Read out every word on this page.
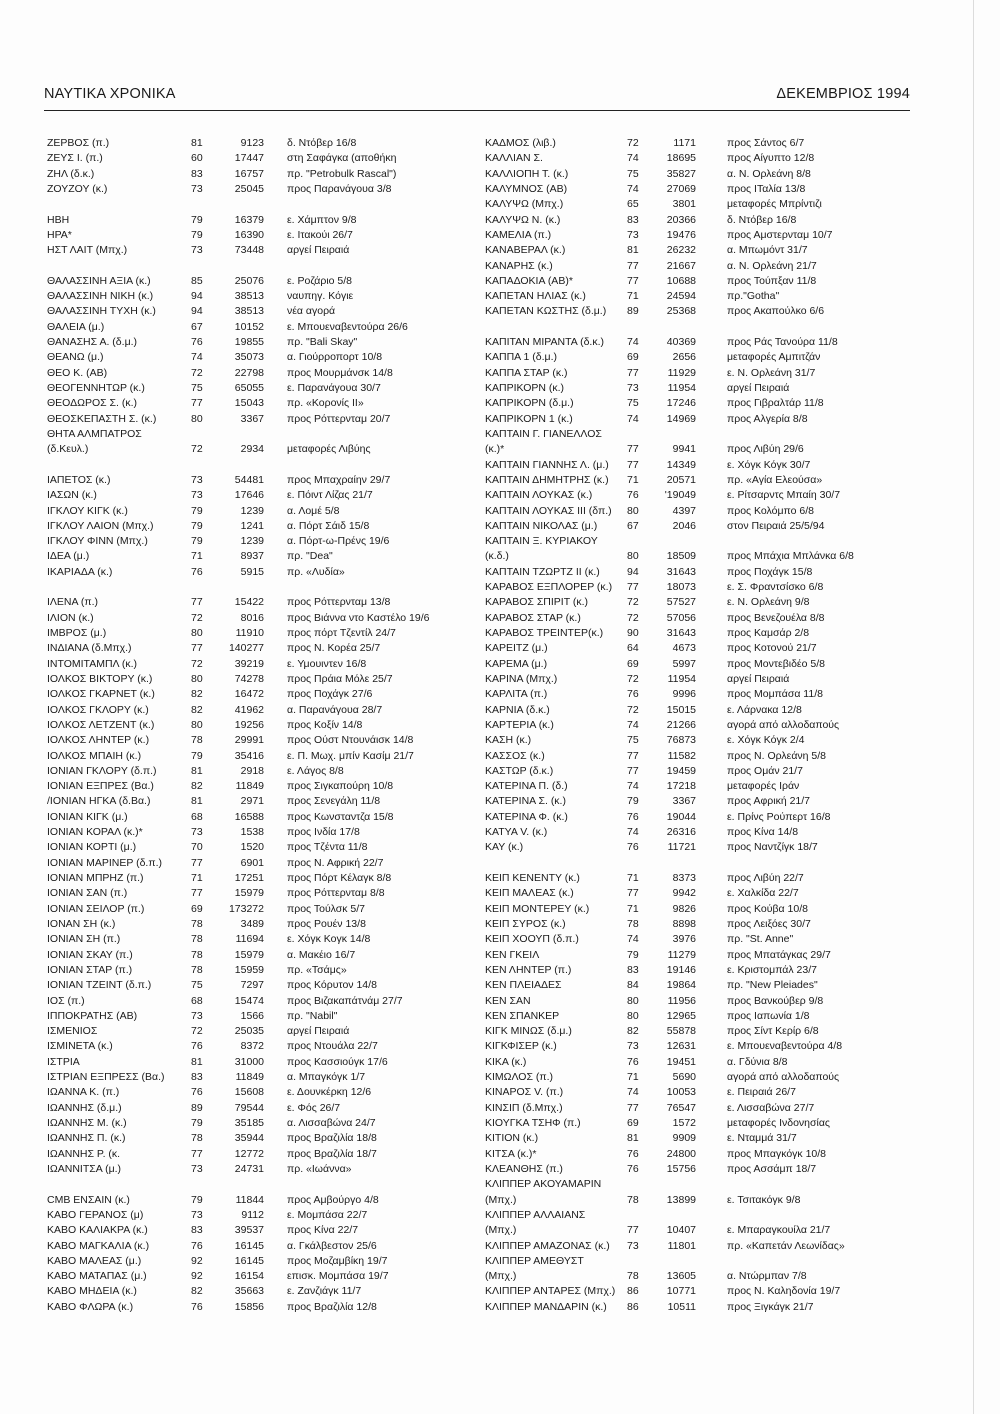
ΝΑΥΤΙΚΑ ΧΡΟΝΙΚΑ	ΔΕΚΕΜΒΡΙΟΣ 1994
ΖΕΡΒΟΣ (π.)	81	9123 δ. Ντόβερ 16/8
ΖΕΥΣ Ι. (π.)	60	17447 στη Σαφάγκα (αποθήκη
ΖΗΛ (δ.κ.)	83	16757 πρ. "Petrobulk Rascal")
ΖΟΥΖΟΥ (κ.)	73	25045 προς Παρανάγουα 3/8
ΗΒΗ	79	16379 ε. Χάμπτον 9/8
ΗΡΑ*	79	16390 ε. Ιτακούι 26/7
ΗΣΤ ΛΑΙΤ (Μπχ.)	73	73448 αργεί Πειραιά
ΘΑΛΑΣΣΙΝΗ ΑΞΙΑ (κ.)	85	25076 ε. Ροζάριο 5/8
ΘΑΛΑΣΣΙΝΗ ΝΙΚΗ (κ.)	94	38513 ναυπηγ. Κόγιε
ΘΑΛΑΣΣΙΝΗ ΤΥΧΗ (κ.)	94	38513 νέα αγορά
ΘΑΛΕΙΑ (μ.)	67	10152 ε. Μπουεναβεντούρα 26/6
ΘΑΝΑΣΗΣ Α. (δ.μ.)	76	19855 πρ. "Bali Skay"
ΘΕΑΝΩ (μ.)	74	35073 α. Γιούρροπορτ 10/8
ΘΕΟ Κ. (ΑΒ)	72	22798 προς Μουρμάνσκ 14/8
ΘΕΟΓΕΝΝΗΤΩΡ (κ.)	75	65055 ε. Παρανάγουα 30/7
ΘΕΟΔΩΡΟΣ Σ. (κ.)	77	15043 πρ. «Κορονίς ΙΙ»
ΘΕΟΣΚΕΠΑΣΤΗ Σ. (κ.)	80	3367 προς Ρόττερνταμ 20/7
ΘΗΤΑ ΑΛΜΠΑΤΡΟΣ
(δ.Κευλ.)	72	2934 μεταφορές Λιβύης
ΙΑΠΕΤΟΣ (κ.)	73	54481 προς Μπαχραίην 29/7
ΙΑΣΩΝ (κ.)	73	17646 ε. Πόιντ Λίζας 21/7
ΙΓΚΛΟΥ ΚΙΓΚ (κ.)	79	1239 α. Λομέ 5/8
ΙΓΚΛΟΥ ΛΑΙΟΝ (Μπχ.)	79	1241 α. Πόρτ Σάιδ 15/8
ΙΓΚΛΟΥ ΦΙΝΝ (Μπχ.)	79	1239 α. Πόρτ-ω-Πρένς 19/6
ΙΔΕΑ (μ.)	71	8937 πρ. "Dea"
ΙΚΑΡΙΑΔΑ (κ.)	76	5915 πρ. «Λυδία»
ΙΛΕΝΑ (π.)	77	15422 προς Ρόττερνταμ 13/8
ΙΛΙΟΝ (κ.)	72	8016 προς Βιάννα ντο Καστέλο 19/6
ΙΜΒΡΟΣ (μ.)	80	11910 προς πόρτ Τζεντίλ 24/7
ΙΝΔΙΑΝΑ (δ.Μπχ.)	77	140277 προς Ν. Κορέα 25/7
ΙΝΤΟΜΙΤΑΜΠΛ (κ.)	72	39219 ε. Υμουιντεν 16/8
ΙΟΛΚΟΣ ΒΙΚΤΟΡΥ (κ.)	80	74278 προς Πράια Μόλε 25/7
ΙΟΛΚΟΣ ΓΚΑΡΝΕΤ (κ.)	82	16472 προς Ποχάγκ 27/6
ΙΟΛΚΟΣ ΓΚΛΟΡΥ (κ.)	82	41962 α. Παρανάγουα 28/7
ΙΟΛΚΟΣ ΛΕΤΖΕΝΤ (κ.)	80	19256 προς Κοξίν 14/8
ΙΟΛΚΟΣ ΛΗΝΤΕΡ (κ.)	78	29991 προς Ούστ Ντουνάισκ 14/8
ΙΟΛΚΟΣ ΜΠΑΙΗ (κ.)	79	35416 ε. Π. Μωχ. μπίν Κασίμ 21/7
ΙΟΝΙΑΝ ΓΚΛΟΡΥ (δ.π.)	81	2918 ε. Λάγος 8/8
ΙΟΝΙΑΝ ΕΞΠΡΕΣ (Βα.)	82	11849 προς Σιγκαπούρη 10/8
/ΙΟΝΙΑΝ ΗΓΚΑ (δ.Βα.)	81	2971 προς Σενεγάλη 11/8
ΙΟΝΙΑΝ ΚΙΓΚ (μ.)	68	16588 προς Κωνσταντζα 15/8
ΙΟΝΙΑΝ ΚΟΡΑΛ (κ.)*	73	1538 προς Ινδία 17/8
ΙΟΝΙΑΝ ΚΟΡΤΙ (μ.)	70	1520 προς Τζέντα 11/8
ΙΟΝΙΑΝ ΜΑΡΙΝΕΡ (δ.π.)	77	6901 προς Ν. Αφρική 22/7
ΙΟΝΙΑΝ ΜΠΡΗΖ (π.)	71	17251 προς Πόρτ Κέλαγκ 8/8
ΙΟΝΙΑΝ ΣΑΝ (π.)	77	15979 προς Ρόττερνταμ 8/8
ΙΟΝΙΑΝ ΣΕΙΛΟΡ (π.)	69	173272 προς Τούλσκ 5/7
ΙΟΝΑΝ ΣΗ (κ.)	78	3489 προς Ρουέν 13/8
ΙΟΝΙΑΝ ΣΗ (π.)	78	11694 ε. Χόγκ Κογκ 14/8
ΙΟΝΙΑΝ ΣΚΑΥ (π.)	78	15979 α. Μακέιο 16/7
ΙΟΝΙΑΝ ΣΤΑΡ (π.)	78	15959 πρ. «Τσάμς»
ΙΟΝΙΑΝ ΤΖΕΙΝΤ (δ.π.)	75	7297 προς Κόρυτον 14/8
ΙΟΣ (π.)	68	15474 προς Βιζακαπάτνάμ 27/7
ΙΠΠΟΚΡΑΤΗΣ (ΑΒ)	73	1566 πρ. "Nabil"
ΙΣΜΕΝΙΟΣ	72	25035 αργεί Πειραιά
ΙΣΜΙΝΕΤΑ (κ.)	76	8372 προς Ντουάλα 22/7
ΙΣΤΡΙΑ	81	31000 προς Κασσιούγκ 17/6
ΙΣΤΡΙΑΝ ΕΞΠΡΕΣΣ (Βα.)	83	11849 α. Μπαγκόγκ 1/7
ΙΩΑΝΝΑ Κ. (π.)	76	15608 ε. Δουνκέρκη 12/6
ΙΩΑΝΝΗΣ (δ.μ.)	89	79544 ε. Φός 26/7
ΙΩΑΝΝΗΣ Μ. (κ.)	79	35185 α. Λισσαβώνα 24/7
ΙΩΑΝΝΗΣ Π. (κ.)	78	35944 προς Βραζιλία 18/8
ΙΩΑΝΝΗΣ Ρ. (κ.	77	12772 προς Βραζιλία 18/7
ΙΩΑΝΝΙΤΣΑ (μ.)	73	24731 πρ. «Ιωάννα»
CMB ΕΝΣΑΙΝ (κ.)	79	11844 προς Αμβούργο 4/8
ΚΑΒΟ ΓΕΡΑΝΟΣ (μ)	73	9112 ε. Μομπάσα 22/7
ΚΑΒΟ ΚΑΛΙΑΚΡΑ (κ.)	83	39537 προς Κίνα 22/7
ΚΑΒΟ ΜΑΓΚΑΛΙΑ (κ.)	76	16145 α. Γκάλβεστον 25/6
ΚΑΒΟ ΜΑΛΕΑΣ (μ.)	92	16145 προς Μοζαμβίκη 19/7
ΚΑΒΟ ΜΑΤΑΠΑΣ (μ.)	92	16154 επισκ. Μομπάσα 19/7
ΚΑΒΟ ΜΗΔΕΙΑ (κ.)	82	35663 ε. Ζανζιάγκ 11/7
ΚΑΒΟ ΦΛΩΡΑ (κ.)	76	15856 προς Βραζιλία 12/8
ΚΑΔΜΟΣ (λιβ.)	72	1171	προς Σάντος 6/7
ΚΑΛΛΙΑΝ Σ.	74	18695	προς Αίγυπτο 12/8
ΚΑΛΛΙΟΠΗ Τ. (κ.)	75	35827	α. Ν. Ορλεάνη 8/8
ΚΑΛΥΜΝΟΣ (ΑΒ)	74	27069	προς ΙΤαλία 13/8
ΚΑΛΥΨΩ (Μπχ.)	65	3801	μεταφορές Μπρίντιζι
ΚΑΛΥΨΩ Ν. (κ.)	83	20366	δ. Ντόβερ 16/8
ΚΑΜΕΛΙΑ (π.)	73	19476	προς Αμστερνταμ 10/7
ΚΑΝΑΒΕΡΑΛ (κ.)	81	26232	α. Μπωμόντ 31/7
ΚΑΝΑΡΗΣ (κ.)	77	21667	α. Ν. Ορλεάνη 21/7
ΚΑΠΑΔΟΚΙΑ (ΑΒ)*	77	10688	προς Τούπξαν 11/8
ΚΑΠΕΤΑΝ ΗΛΙΑΣ (κ.)	71	24594	πρ."Gotha"
ΚΑΠΕΤΑΝ ΚΩΣΤΗΣ (δ.μ.) 89	25368	προς Ακαπούλκο 6/6
ΚΑΠΙΤΑΝ ΜΙΡΑΝΤΑ (δ.κ.) 74	40369	προς Ράς Τανούρα 11/8
ΚΑΠΠΑ 1 (δ.μ.)	69	2656	μεταφορές Αμπιτζάν
ΚΑΠΠΑ ΣΤΑΡ (κ.)	77	11929	ε. Ν. Ορλεάνη 31/7
ΚΑΠΡΙΚΟΡΝ (κ.)	73	11954	αργεί Πειραιά
ΚΑΠΡΙΚΟΡΝ (δ.μ.)	75	17246	προς Γιβραλτάρ 11/8
ΚΑΠΡΙΚΟΡΝ 1 (κ.)	74	14969	προς Αλγερία 8/8
ΚΑΠΤΑΙΝ Γ. ΓΙΑΝΕΛΛΟΣ
(κ.)*	77	9941	προς Λιβύη 29/6
ΚΑΠΤΑΙΝ ΓΙΑΝΝΗΣ Λ. (μ.) 77	14349	ε. Χόγκ Κόγκ 30/7
ΚΑΠΤΑΙΝ ΔΗΜΗΤΡΗΣ (κ.) 71	20571	πρ. «Αγία Ελεούσα»
ΚΑΠΤΑΙΝ ΛΟΥΚΑΣ (κ.)	76	'19049	ε. Ρίτσαρντς Μπαίη 30/7
ΚΑΠΤΑΙΝ ΛΟΥΚΑΣ ΙΙΙ (δπ.) 80	4397	προς Κολόμπο 6/8
ΚΑΠΤΑΙΝ ΝΙΚΟΛΑΣ (μ.)	67	2046	στον Πειραιά 25/5/94
ΚΑΠΤΑΙΝ Ξ. ΚΥΡΙΑΚΟΥ
(κ.δ.)	80	18509	προς Μπάχια Μπλάνκα 6/8
ΚΑΠΤΑΙΝ ΤΖΩΡΤΖ ΙΙ (κ.)	94	31643	προς Ποχάγκ 15/8
ΚΑΡΑΒΟΣ ΕΞΠΛΟΡΕΡ (κ.) 77	18073	ε. Σ. Φραντσίσκο 6/8
ΚΑΡΑΒΟΣ ΣΠΙΡΙΤ (κ.)	72	57527	ε. Ν. Ορλεάνη 9/8
ΚΑΡΑΒΟΣ ΣΤΑΡ (κ.)	72	57056	προς Βενεζουέλα 8/8
ΚΑΡΑΒΟΣ ΤΡΕΙΝΤΕΡ(κ.) 90	31643	προς Καμσάρ 2/8
ΚΑΡΕΙΤΖ (μ.)	64	4673	προς Κοτονού 21/7
ΚΑΡΕΜΑ (μ.)	69	5997	προς Μοντεβιδέο 5/8
ΚΑΡΙΝΑ (Μπχ.)	72	11954	αργεί Πειραιά
ΚΑΡΛΙΤΑ (π.)	76	9996	προς Μομπάσα 11/8
ΚΑΡΝΙΑ (δ.κ.)	72	15015	ε. Λάρνακα 12/8
ΚΑΡΤΕΡΙΑ (κ.)	74	21266	αγορά από αλλοδαπούς
ΚΑΣΗ (κ.)	75	76873	ε. Χόγκ Κόγκ 2/4
ΚΑΣΣΟΣ (κ.)	77	11582	προς Ν. Ορλεάνη 5/8
ΚΑΣΤΩΡ (δ.κ.)	77	19459	προς Ομάν 21/7
ΚΑΤΕΡΙΝΑ Π. (δ.)	74	17218	μεταφορές Ιράν
ΚΑΤΕΡΙΝΑ Σ. (κ.)	79	3367	προς Αφρική 21/7
ΚΑΤΕΡΙΝΑ Φ. (κ.)	76	19044	ε. Πρίνς Ρούπερτ 16/8
ΚΑΤΥΑ V. (κ.)	74	26316	προς Κίνα 14/8
ΚΑΥ (κ.)	76	11721	προς Ναντζίγκ 18/7
ΚΕΙΠ ΚΕΝΕΝΤΥ (κ.)	71	8373	προς Λιβύη 22/7
ΚΕΙΠ ΜΑΛΕΑΣ (κ.)	77	9942	ε. Χαλκίδα 22/7
ΚΕΙΠ ΜΟΝΤΕΡΕΥ (κ.)	71	9826	προς Κούβα 10/8
ΚΕΙΠ ΣΥΡΟΣ (κ.)	78	8898	προς Λειξόες 30/7
ΚΕΙΠ ΧΟΟΥΠ (δ.π.)	74	3976	πρ. "St. Anne"
ΚΕΝ ΓΚΕΙΛ	79	11279	προς Μπατάγκας 29/7
ΚΕΝ ΛΗΝΤΕΡ (π.)	83	19146	ε. Κριστομπάλ 23/7
ΚΕΝ ΠΛΕΙΑΔΕΣ	84	19864	πρ. "New Pleiades"
ΚΕΝ ΣΑΝ	80	11956	προς Βανκούβερ 9/8
ΚΕΝ ΣΠΑΝΚΕΡ	80	12965	προς Ιαπωνία 1/8
ΚΙΓΚ ΜΙΝΩΣ (δ.μ.)	82	55878	προς Σίντ Κερίρ 6/8
ΚΙΓΚΦΙΣΕΡ (κ.)	73	12631	ε. Μπουεναβεντούρα 4/8
ΚΙΚΑ (κ.)	76	19451	α. Γδύνια 8/8
ΚΙΜΩΛΟΣ (π.)	71	5690	αγορά από αλλοδαπούς
ΚΙΝΑΡΟΣ V. (π.)	74	10053	ε. Πειραιά 26/7
ΚΙΝΣΙΠ (δ.Μπχ.)	77	76547	ε. Λισσαβώνα 27/7
ΚΙΟΥΓΚΑ ΤΣΗΦ (π.)	69	1572	μεταφορές Ινδονησίας
ΚΙΤΙΟΝ (κ.)	81	9909	ε. Νταμμά 31/7
ΚΙΤΣΑ (κ.)*	76	24800	προς Μπαγκόγκ 10/8
ΚΛΕΑΝΘΗΣ (π.)	76	15756	προς Ασσάμπ 18/7
ΚΛΙΠΠΕΡ ΑΚΟΥΑΜΑΡΙΝ
(Μπχ.)	78	13899	ε. Τσιτακόγκ 9/8
ΚΛΙΠΠΕΡ ΑΛΛΑΙΑΝΣ
(Μπχ.)	77	10407	ε. Μπαραγκουίλα 21/7
ΚΛΙΠΠΕΡ ΑΜΑΖΟΝΑΣ (κ.) 73	11801	πρ. «Καπετάν Λεωνίδας»
ΚΛΙΠΠΕΡ ΑΜΕΘΥΣΤ
(Μπχ.)	78	13605	α. Ντώρμπαν 7/8
ΚΛΙΠΠΕΡ ΑΝΤΑΡΕΣ (Μπχ.) 86	10771	προς Ν. Καληδονία 19/7
ΚΛΙΠΠΕΡ ΜΑΝΔΑΡΙΝ (κ.) 86	10511	προς Ξιγκάγκ 21/7
